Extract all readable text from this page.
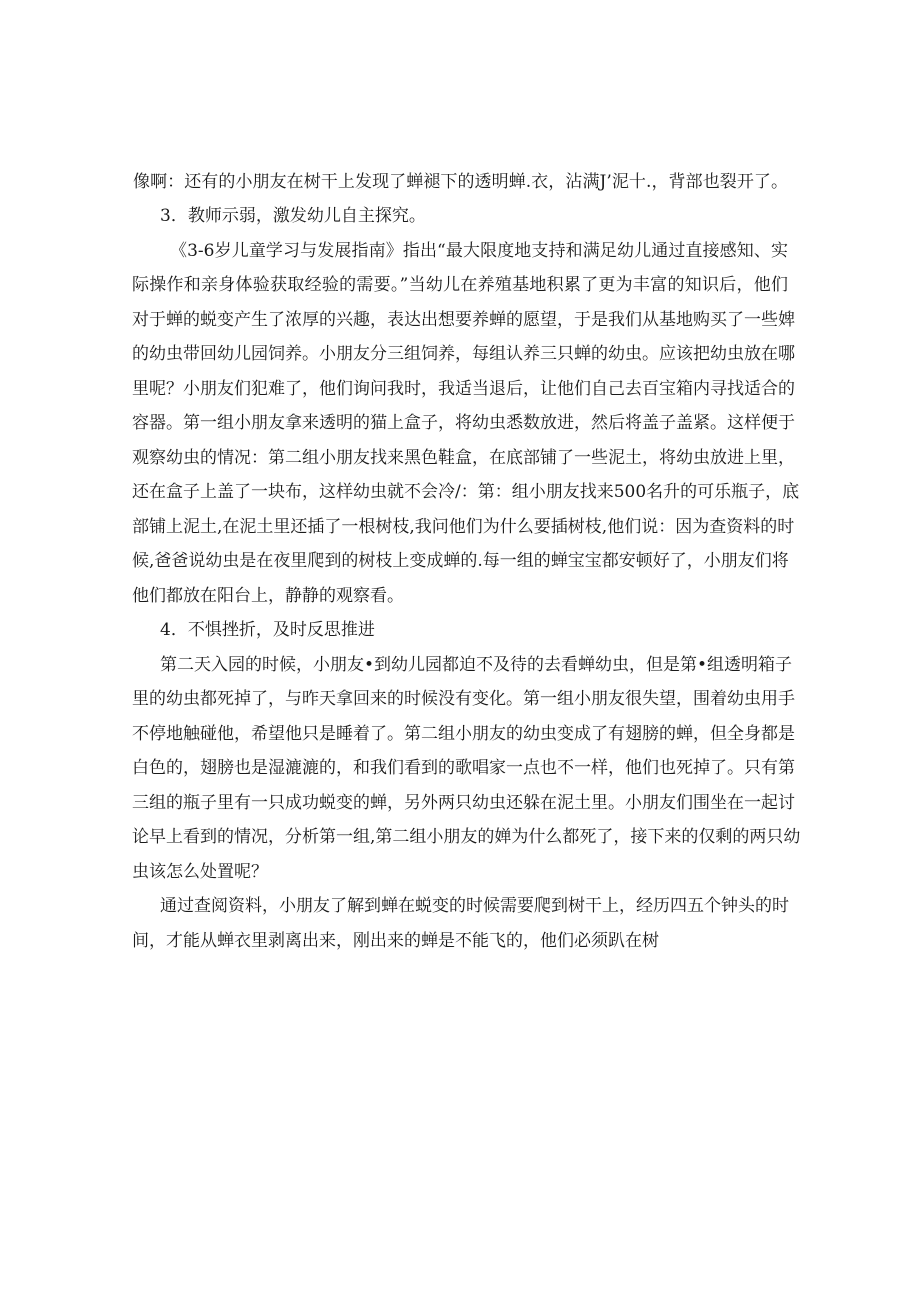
像啊：还有的小朋友在树干上发现了蝉褪下的透明蝉.衣，沾满J’泥十.，背部也裂开了。
3．教师示弱，激发幼儿自主探究。
《3-6岁儿童学习与发展指南》指出“最大限度地支持和满足幼儿通过直接感知、实
际操作和亲身体验获取经验的需要。”当幼儿在养殖基地积累了更为丰富的知识后，他们
对于蝉的蜕变产生了浓厚的兴趣，表达出想要养蝉的愿望，于是我们从基地购买了一些婢
的幼虫带回幼儿园饲养。小朋友分三组饲养，每组认养三只蝉的幼虫。应该把幼虫放在哪
里呢？小朋友们犯难了，他们询问我时，我适当退后，让他们自己去百宝箱内寻找适合的
容器。第一组小朋友拿来透明的猫上盒子，将幼虫悉数放进，然后将盖子盖紧。这样便于
观察幼虫的情况：第二组小朋友找来黑色鞋盒，在底部铺了一些泥土，将幼虫放进上里，
还在盒子上盖了一块布，这样幼虫就不会冷/：第：组小朋友找来500名升的可乐瓶子，底
部铺上泥土,在泥土里还插了一根树枝,我问他们为什么要插树枝,他们说：因为查资料的时
候,爸爸说幼虫是在夜里爬到的树枝上变成蝉的.每一组的蝉宝宝都安顿好了，小朋友们将
他们都放在阳台上，静静的观察看。
4．不惧挫折，及时反思推进
第二天入园的时候，小朋友•到幼儿园都迫不及待的去看蝉幼虫，但是第•组透明箱子
里的幼虫都死掉了，与昨天拿回来的时候没有变化。第一组小朋友很失望，围着幼虫用手
不停地触碰他，希望他只是睡着了。第二组小朋友的幼虫变成了有翅膀的蝉，但全身都是
白色的，翅膀也是湿漉漉的，和我们看到的歌唱家一点也不一样，他们也死掉了。只有第
三组的瓶子里有一只成功蜕变的蝉，另外两只幼虫还躲在泥土里。小朋友们围坐在一起讨
论早上看到的情况，分析第一组,第二组小朋友的婵为什么都死了，接下来的仅剩的两只幼
虫该怎么处置呢？
通过查阅资料，小朋友了解到蝉在蜕变的时候需要爬到树干上，经历四五个钟头的时
间，才能从蝉衣里剥离出来，刚出来的蝉是不能飞的，他们必须趴在树
